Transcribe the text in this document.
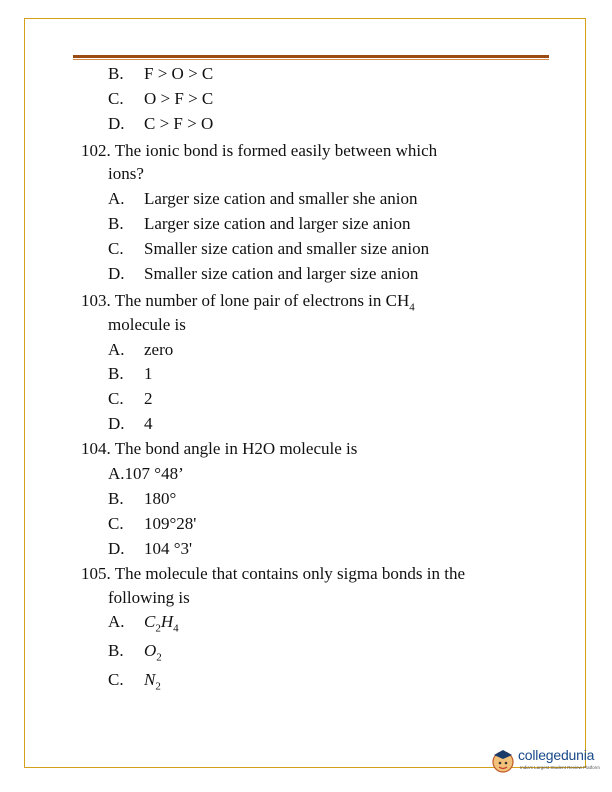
B. F > O > C
C. O > F > C
D. C > F > O
102. The ionic bond is formed easily between which
ions?
A. Larger size cation and smaller she anion
B. Larger size cation and larger size anion
C. Smaller size cation and smaller size anion
D. Smaller size cation and larger size anion
103. The number of lone pair of electrons in $CH_4$
molecule is
A. zero
B. 1
C. 2
D. 4
104. The bond angle in H2O molecule is
A.107 °48’
B. 180°
C. 109°28'
D. 104 °3'
105. The molecule that contains only sigma bonds in the
following is
A. $C_2H_4$
B. $O_2$
C. $N_2$
collegedunia
India's Largest Student Review Platform
